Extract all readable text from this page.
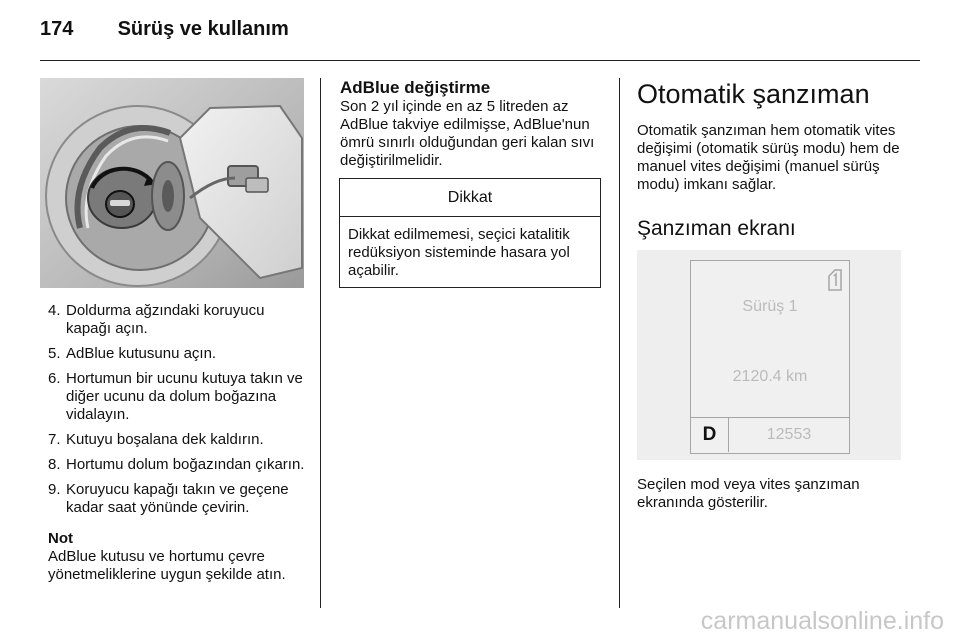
174 Sürüş ve kullanım
4. Doldurma ağzındaki koruyucu kapağı açın.
5. AdBlue kutusunu açın.
6. Hortumun bir ucunu kutuya takın ve diğer ucunu da dolum boğazına vidalayın.
7. Kutuyu boşalana dek kaldırın.
8. Hortumu dolum boğazından çıkarın.
9. Koruyucu kapağı takın ve geçene kadar saat yönünde çevirin.
Not
AdBlue kutusu ve hortumu çevre yönetmeliklerine uygun şekilde atın.
AdBlue değiştirme

Son 2 yıl içinde en az 5 litreden az AdBlue takviye edilmişse, AdBlue'nun ömrü sınırlı olduğundan geri kalan sıvı değiştirilmelidir.

Dikkat
Dikkat edilmemesi, seçici katalitik redüksiyon sisteminde hasara yol açabilir.
Otomatik şanzıman

Otomatik şanzıman hem otomatik vites değişimi (otomatik sürüş modu) hem de manuel vites değişimi (manuel sürüş modu) imkanı sağlar.

Şanzıman ekranı

Seçilen mod veya vites şanzıman ekranında gösterilir.

Sürüş 1
2120.4 km
D	12553
carmanualsonline.info
